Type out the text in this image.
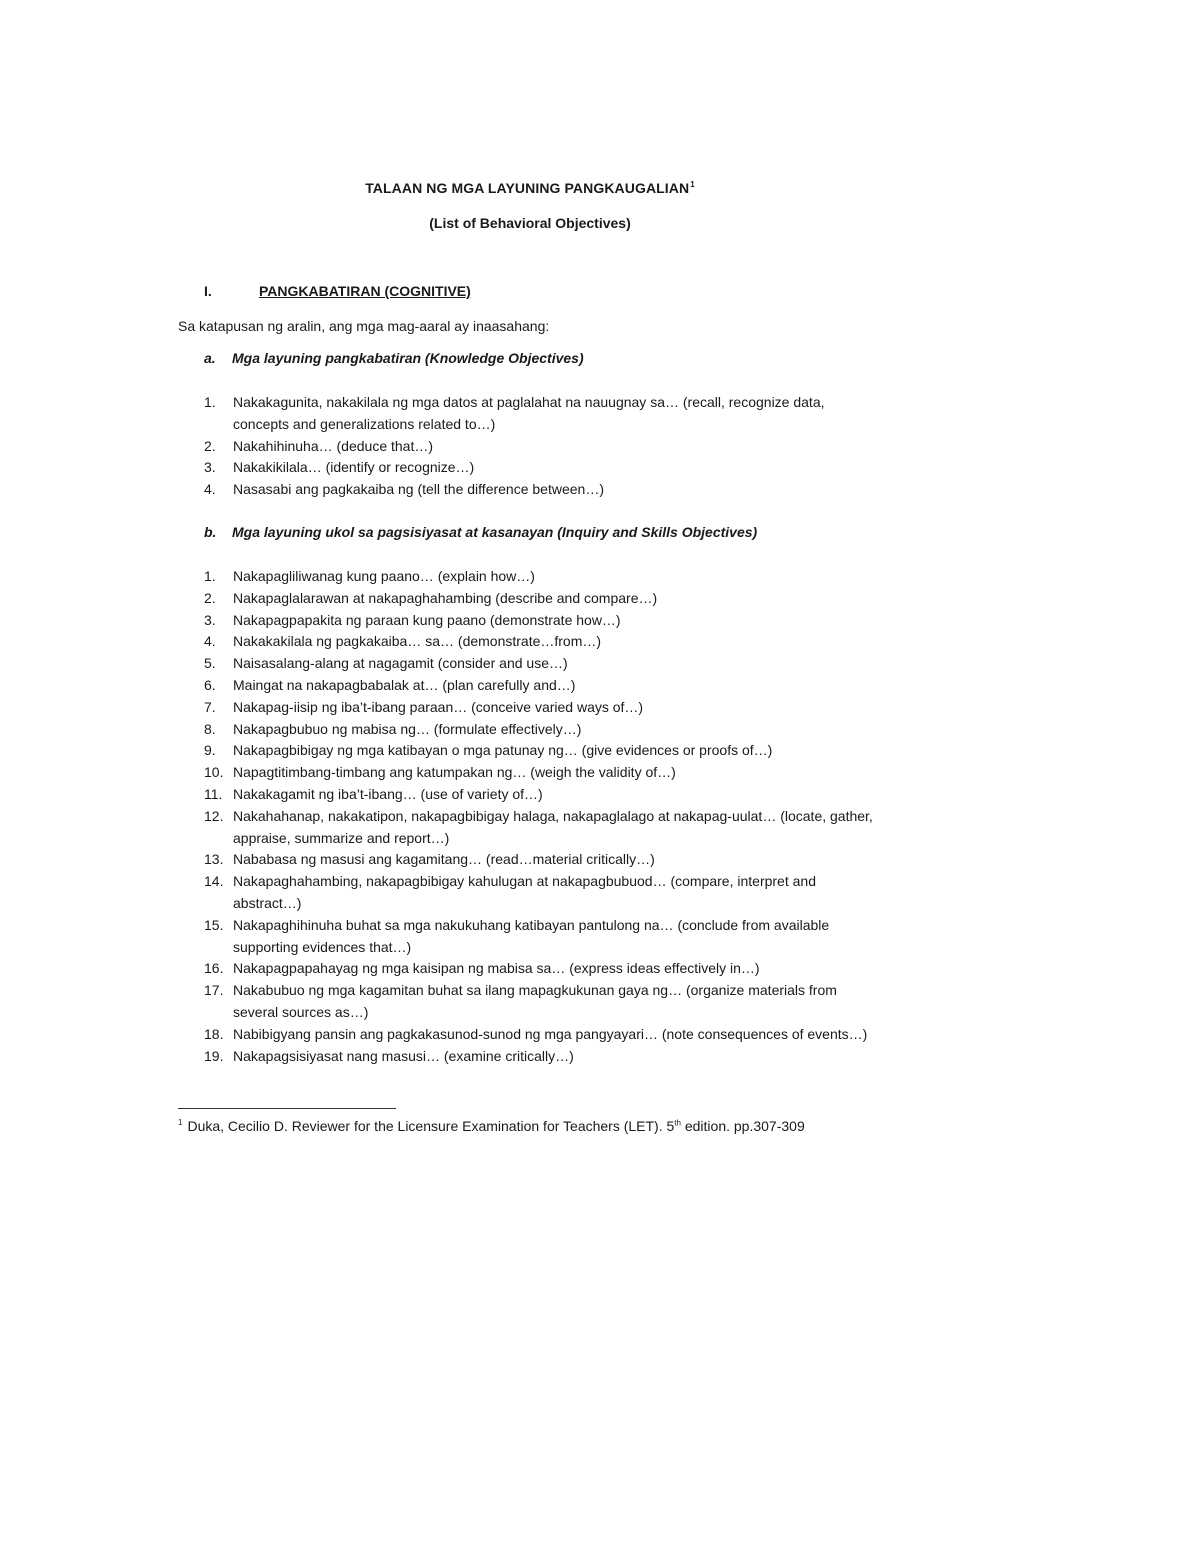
TALAAN NG MGA LAYUNING PANGKAUGALIAN$^1$
(List of Behavioral Objectives)
I.	PANGKABATIRAN (COGNITIVE)
Sa katapusan ng aralin, ang mga mag-aaral ay inaasahang:
a. Mga layuning pangkabatiran (Knowledge Objectives)
1.	Nakakagunita, nakakilala ng mga datos at paglalahat na nauugnay sa… (recall, recognize data, concepts and generalizations related to…)
2.	Nakahihinuha… (deduce that…)
3.	Nakakikilala… (identify or recognize…)
4.	Nasasabi ang pagkakaiba ng (tell the difference between…)
b. Mga layuning ukol sa pagsisiyasat at kasanayan (Inquiry and Skills Objectives)
1.	Nakapagliliwanag kung paano… (explain how…)
2.	Nakapaglalarawan at nakapaghahambing (describe and compare…)
3.	Nakapagpapakita ng paraan kung paano (demonstrate how…)
4.	Nakakakilala ng pagkakaiba… sa… (demonstrate…from…)
5.	Naisasalang-alang at nagagamit (consider and use…)
6.	Maingat na nakapagbabalak at… (plan carefully and…)
7.	Nakapag-iisip ng iba’t-ibang paraan… (conceive varied ways of…)
8.	Nakapagbubuo ng mabisa ng… (formulate effectively…)
9.	Nakapagbibigay ng mga katibayan o mga patunay ng… (give evidences or proofs of…)
10. Napagtitimbang-timbang ang katumpakan ng… (weigh the validity of…)
11. Nakakagamit ng iba’t-ibang… (use of variety of…)
12. Nakahahanap, nakakatipon, nakapagbibigay halaga, nakapaglalago at nakapag-uulat… (locate, gather, appraise, summarize and report…)
13. Nababasa ng masusi ang kagamitang… (read…material critically…)
14. Nakapaghahambing, nakapagbibigay kahulugan at nakapagbubuod… (compare, interpret and abstract…)
15. Nakapaghihinuha buhat sa mga nakukuhang katibayan pantulong na… (conclude from available supporting evidences that…)
16. Nakapagpapahayag ng mga kaisipan ng mabisa sa… (express ideas effectively in…)
17. Nakabubuo ng mga kagamitan buhat sa ilang mapagkukunan gaya ng… (organize materials from several sources as…)
18. Nabibigyang pansin ang pagkakasunod-sunod ng mga pangyayari… (note consequences of events…)
19. Nakapagsisiyasat nang masusi… (examine critically…)
$^1$ Duka, Cecilio D. Reviewer for the Licensure Examination for Teachers (LET). 5th edition. pp.307-309
